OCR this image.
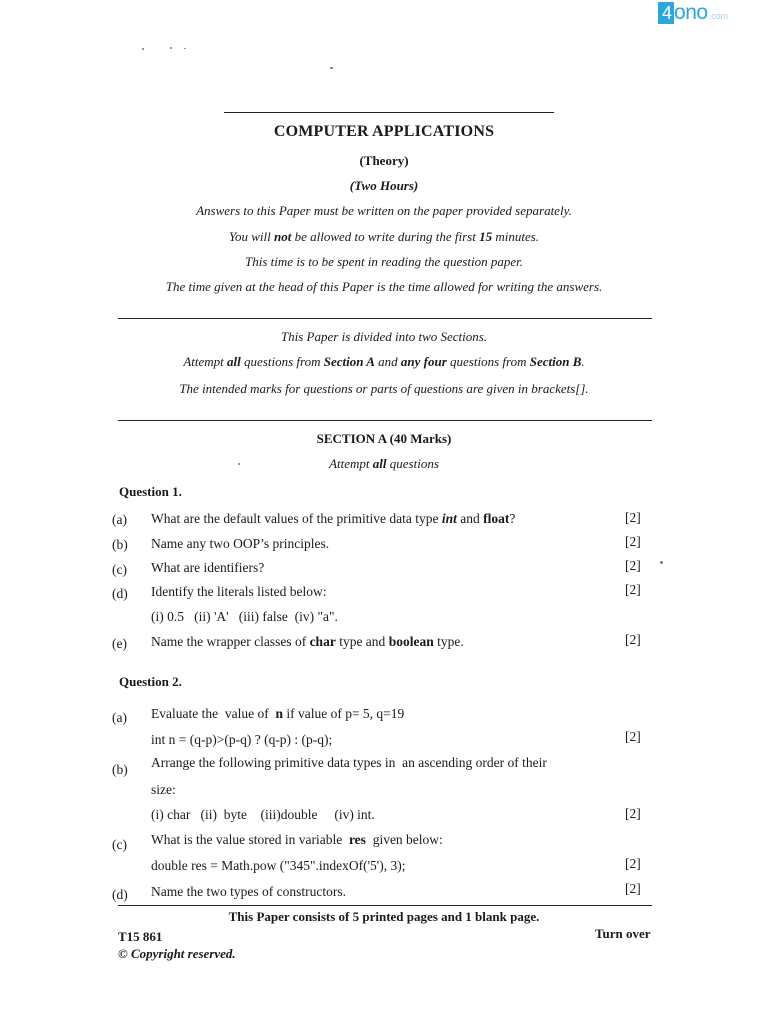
4ono$^{.com}$
COMPUTER APPLICATIONS
(Theory)
(Two Hours)
Answers to this Paper must be written on the paper provided separately.
You will not be allowed to write during the first 15 minutes.
This time is to be spent in reading the question paper.
The time given at the head of this Paper is the time allowed for writing the answers.
This Paper is divided into two Sections.
Attempt all questions from Section A and any four questions from Section B.
The intended marks for questions or parts of questions are given in brackets[].
SECTION A (40 Marks)
Attempt all questions
Question 1.
(a) What are the default values of the primitive data type int and float?	[2]
(b) Name any two OOP’s principles.	[2]
(c) What are identifiers?	[2]
(d) Identify the literals listed below:	[2]
(i) 0.5   (ii) 'A'   (iii) false  (iv) "a".
(e) Name the wrapper classes of char type and boolean type.	[2]
Question 2.
(a) Evaluate the  value of  n if value of p= 5, q=19
int n = (q-p)>(p-q) ? (q-p) : (p-q);	[2]
(b) Arrange the following primitive data types in  an ascending order of their
size:
(i) char   (ii)  byte    (iii)double     (iv) int.	[2]
(c) What is the value stored in variable  res  given below:
double res = Math.pow ("345".indexOf('5'), 3);	[2]
(d) Name the two types of constructors.	[2]
This Paper consists of 5 printed pages and 1 blank page.
T15 861	Turn over
© Copyright reserved.
